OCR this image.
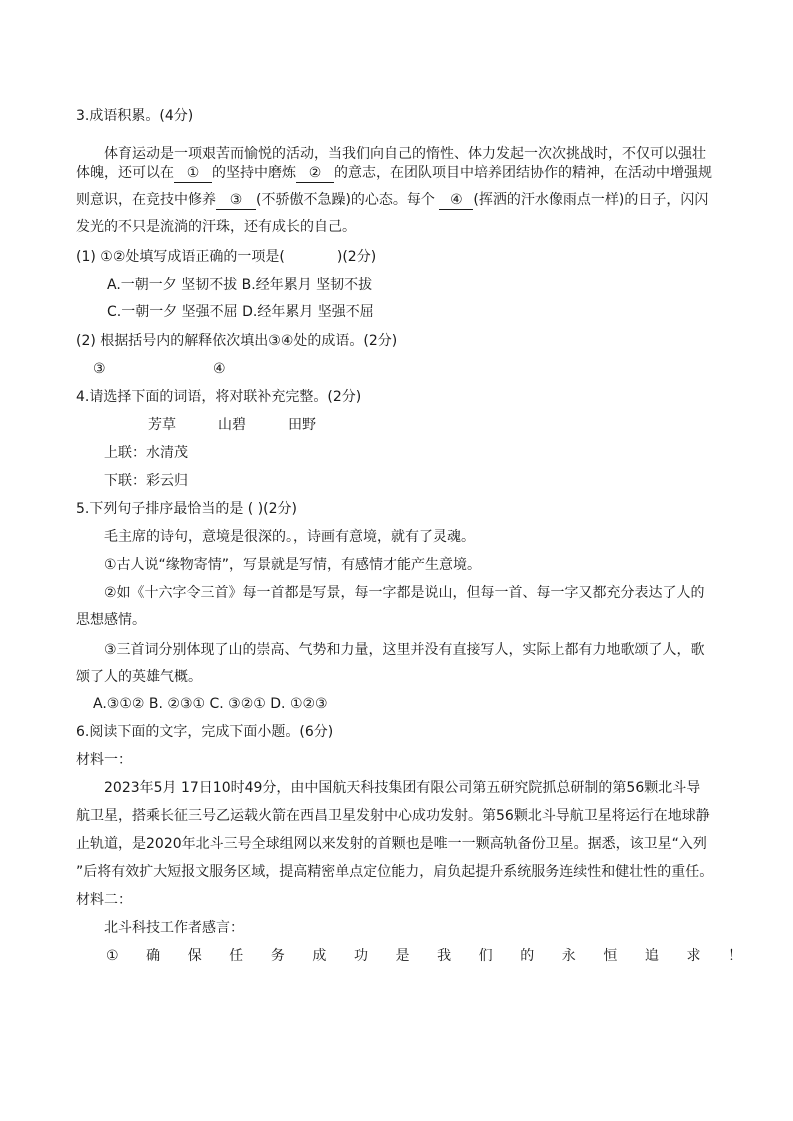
3.成语积累。(4分)
体育运动是一项艰苦而愉悦的活动，当我们向自己的惰性、体力发起一次次挑战时，不仅可以强壮
体魄，还可以在 ① 的坚持中磨炼 ② 的意志，在团队项目中培养团结协作的精神，在活动中增强规
则意识，在竞技中修养 ③ (不骄傲不急躁)的心态。每个 ④ (挥洒的汗水像雨点一样)的日子，闪闪
发光的不只是流淌的汗珠，还有成长的自己。
(1) ①②处填写成语正确的一项是(	)(2分)
A.一朝一夕 坚韧不拔 B.经年累月 坚韧不拔
C.一朝一夕 坚强不屈 D.经年累月 坚强不屈
(2) 根据括号内的解释依次填出③④处的成语。(2分)
③	④
4.请选择下面的词语，将对联补充完整。(2分)
芳草	山碧	田野
上联：水清茂
下联：彩云归
5.下列句子排序最恰当的是 ( )(2分)
毛主席的诗句，意境是很深的。，诗画有意境，就有了灵魂。
①古人说“缘物寄情”，写景就是写情，有感情才能产生意境。
②如《十六字令三首》每一首都是写景，每一字都是说山，但每一首、每一字又都充分表达了人的
思想感情。
③三首词分别体现了山的崇高、气势和力量，这里并没有直接写人，实际上都有力地歌颂了人，歌
颂了人的英雄气概。
A.③①② B. ②③① C. ③②① D. ①②③
6.阅读下面的文字，完成下面小题。(6分)
材料一：
2023年5月 17日10时49分，由中国航天科技集团有限公司第五研究院抓总研制的第56颗北斗导
航卫星，搭乘长征三号乙运载火箭在西昌卫星发射中心成功发射。第56颗北斗导航卫星将运行在地球静
止轨道，是2020年北斗三号全球组网以来发射的首颗也是唯一一颗高轨备份卫星。据悉，该卫星“入列
”后将有效扩大短报文服务区域，提高精密单点定位能力，肩负起提升系统服务连续性和健壮性的重任。
材料二：
北斗科技工作者感言：
① 确 保 任 务 成 功 是 我 们 的 永 恒 追 求 ！
